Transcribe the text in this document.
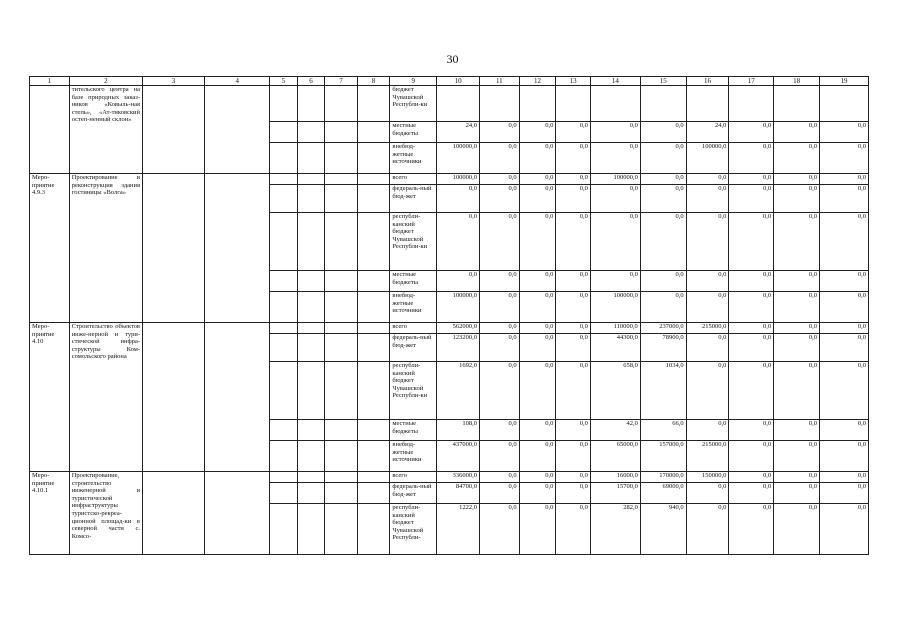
30
1	2	3	4	5	6	7	8	9	10	11	12	13	14	15	16	17	18	19
	тительского центра на базе природных заказ-ников «Ковыль-ная степь», «Ат-тиковский остеп-ненный склон»							бюджет Чувашской Республи-ки										
								местные бюджеты	24,0	0,0	0,0	0,0	0,0	0,0	24,0	0,0	0,0	0,0
								внебюд-жетные источники	100000,0	0,0	0,0	0,0	0,0	0,0	100000,0	0,0	0,0	0,0
Меро-приятие 4.9.3	Проектирование и реконструкция здания гостиницы «Волга»							всего	100000,0	0,0	0,0	0,0	100000,0	0,0	0,0	0,0	0,0	0,0
								федераль-ный бюд-жет	0,0	0,0	0,0	0,0	0,0	0,0	0,0	0,0	0,0	0,0
								республи-канский бюджет Чувашской Республи-ки	0,0	0,0	0,0	0,0	0,0	0,0	0,0	0,0	0,0	0,0
								местные бюджеты	0,0	0,0	0,0	0,0	0,0	0,0	0,0	0,0	0,0	0,0
								внебюд-жетные источники	100000,0	0,0	0,0	0,0	100000,0	0,0	0,0	0,0	0,0	0,0
Меро-приятие 4.10	Строительство объектов инже-нерной и тури-стической инфра-структуры Ком-сомольского района							всего	562000,0	0,0	0,0	0,0	110000,0	237000,0	215000,0	0,0	0,0	0,0
								федераль-ный бюд-жет	123200,0	0,0	0,0	0,0	44300,0	78900,0	0,0	0,0	0,0	0,0
								республи-канский бюджет Чувашской Республи-ки	1692,0	0,0	0,0	0,0	658,0	1034,0	0,0	0,0	0,0	0,0
								местные бюджеты	108,0	0,0	0,0	0,0	42,0	66,0	0,0	0,0	0,0	0,0
								внебюд-жетные источники	437000,0	0,0	0,0	0,0	65000,0	157000,0	215000,0	0,0	0,0	0,0
Меро-приятие 4.10.1	Проектирование, строительство инженерной и туристической инфраструктуры туристско-рекреа-ционной площад-ки в северной части с. Комсо-							всего	336000,0	0,0	0,0	0,0	16000,0	170000,0	150000,0	0,0	0,0	0,0
								федераль-ный бюд-жет	84700,0	0,0	0,0	0,0	15700,0	69000,0	0,0	0,0	0,0	0,0
								республи-канский бюджет Чувашской Республи-	1222,0	0,0	0,0	0,0	282,0	940,0	0,0	0,0	0,0	0,0
